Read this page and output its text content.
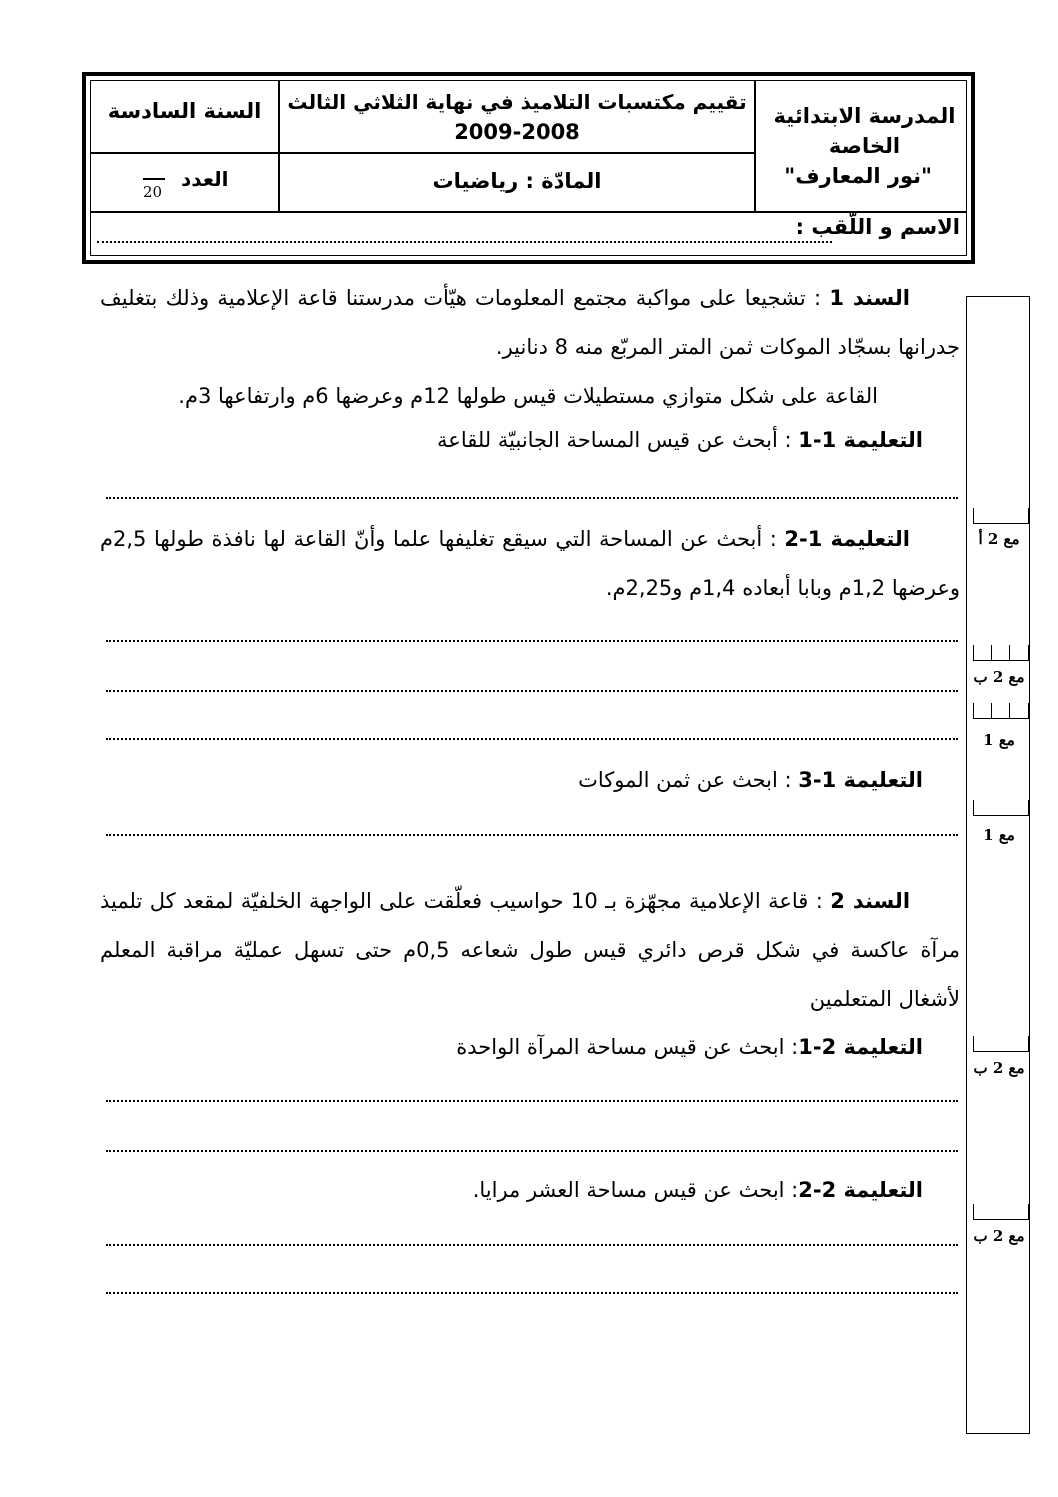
المدرسة الابتدائية الخاصة
"نور المعارف"
تقييم مكتسبات التلاميذ في نهاية الثلاثي الثالث
2009-2008
السنة السادسة
المادّة : رياضيات
العدد
20
الاسم و اللّقب :
مع 2 أ
مع 2 ب
مع 1
مع 1
مع 2 ب
مع 2 ب
السند 1 : تشجيعا على مواكبة مجتمع المعلومات هيّأت مدرستنا قاعة الإعلامية وذلك بتغليف جدرانها بسجّاد الموكات ثمن المتر المربّع منه 8 دنانير.
القاعة على شكل متوازي مستطيلات قيس طولها 12م وعرضها 6م وارتفاعها 3م.
التعليمة 1-1 : أبحث عن قيس المساحة الجانبيّة للقاعة
التعليمة 1-2 : أبحث عن المساحة التي سيقع تغليفها علما وأنّ القاعة لها نافذة طولها 2,5م وعرضها 1,2م وبابا أبعاده 1,4م و2,25م.
التعليمة 1-3 : ابحث عن ثمن الموكات
السند 2 : قاعة الإعلامية مجهّزة بـ 10 حواسيب فعلّقت على الواجهة الخلفيّة لمقعد كل تلميذ مرآة عاكسة في شكل قرص دائري قيس طول شعاعه 0,5م حتى تسهل عمليّة مراقبة المعلم لأشغال المتعلمين
التعليمة 2-1: ابحث عن قيس مساحة المرآة الواحدة
التعليمة 2-2: ابحث عن قيس مساحة العشر مرايا.
